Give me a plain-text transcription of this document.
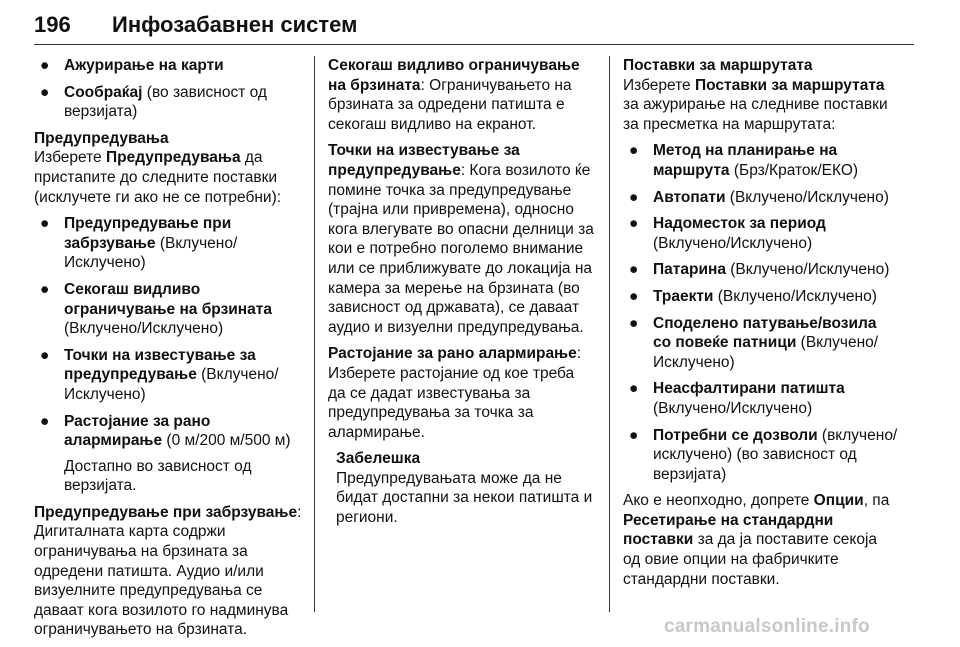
196 Инфозабавнен систем
● Ажурирање на карти
● Сообраќај (во зависност од верзијата)

Предупредувања

Изберете Предупредувања да пристапите до следните поставки (исклучете ги ако не се потребни):

● Предупредување при забрзување (Вклучено/Исклучено)
● Секогаш видливо ограничување на брзината (Вклучено/Исклучено)
● Точки на известување за предупредување (Вклучено/Исклучено)
● Растојание за рано алармирање (0 м/200 м/500 м)

Достапно во зависност од верзијата.

Предупредување при забрзување: Дигиталната карта содржи ограничувања на брзината за одредени патишта. Аудио и/или визуелните предупредувања се даваат кога возилото го надминува ограничувањето на брзината.

Секогаш видливо ограничување на брзината: Ограничувањето на брзината за одредени патишта е секогаш видливо на екранот.

Точки на известување за предупредување: Кога возилото ќе помине точка за предупредување (трајна или привремена), односно кога влегувате во опасни делници за кои е потребно поголемо внимание или се приближувате до локација на камера за мерење на брзината (во зависност од државата), се даваат аудио и визуелни предупредувања.

Растојание за рано алармирање: Изберете растојание од кое треба да се дадат известувања за предупредувања за точка за алармирање.

Забелешка

Предупредувањата може да не бидат достапни за некои патишта и региони.

Поставки за маршрутата

Изберете Поставки за маршрутата за ажурирање на следниве поставки за пресметка на маршрутата:

● Метод на планирање на маршрута (Брз/Краток/ЕКО)
● Автопати (Вклучено/Исклучено)
● Надоместок за период (Вклучено/Исклучено)
● Патарина (Вклучено/Исклучено)
● Траекти (Вклучено/Исклучено)
● Споделено патување/возила со повеќе патници (Вклучено/Исклучено)
● Неасфалтирани патишта (Вклучено/Исклучено)
● Потребни се дозволи (вклучено/исклучено) (во зависност од верзијата)

Ако е неопходно, допрете Опции, па Ресетирање на стандардни поставки за да ја поставите секоја од овие опции на фабричките стандардни поставки.

carmanualsonline.info
